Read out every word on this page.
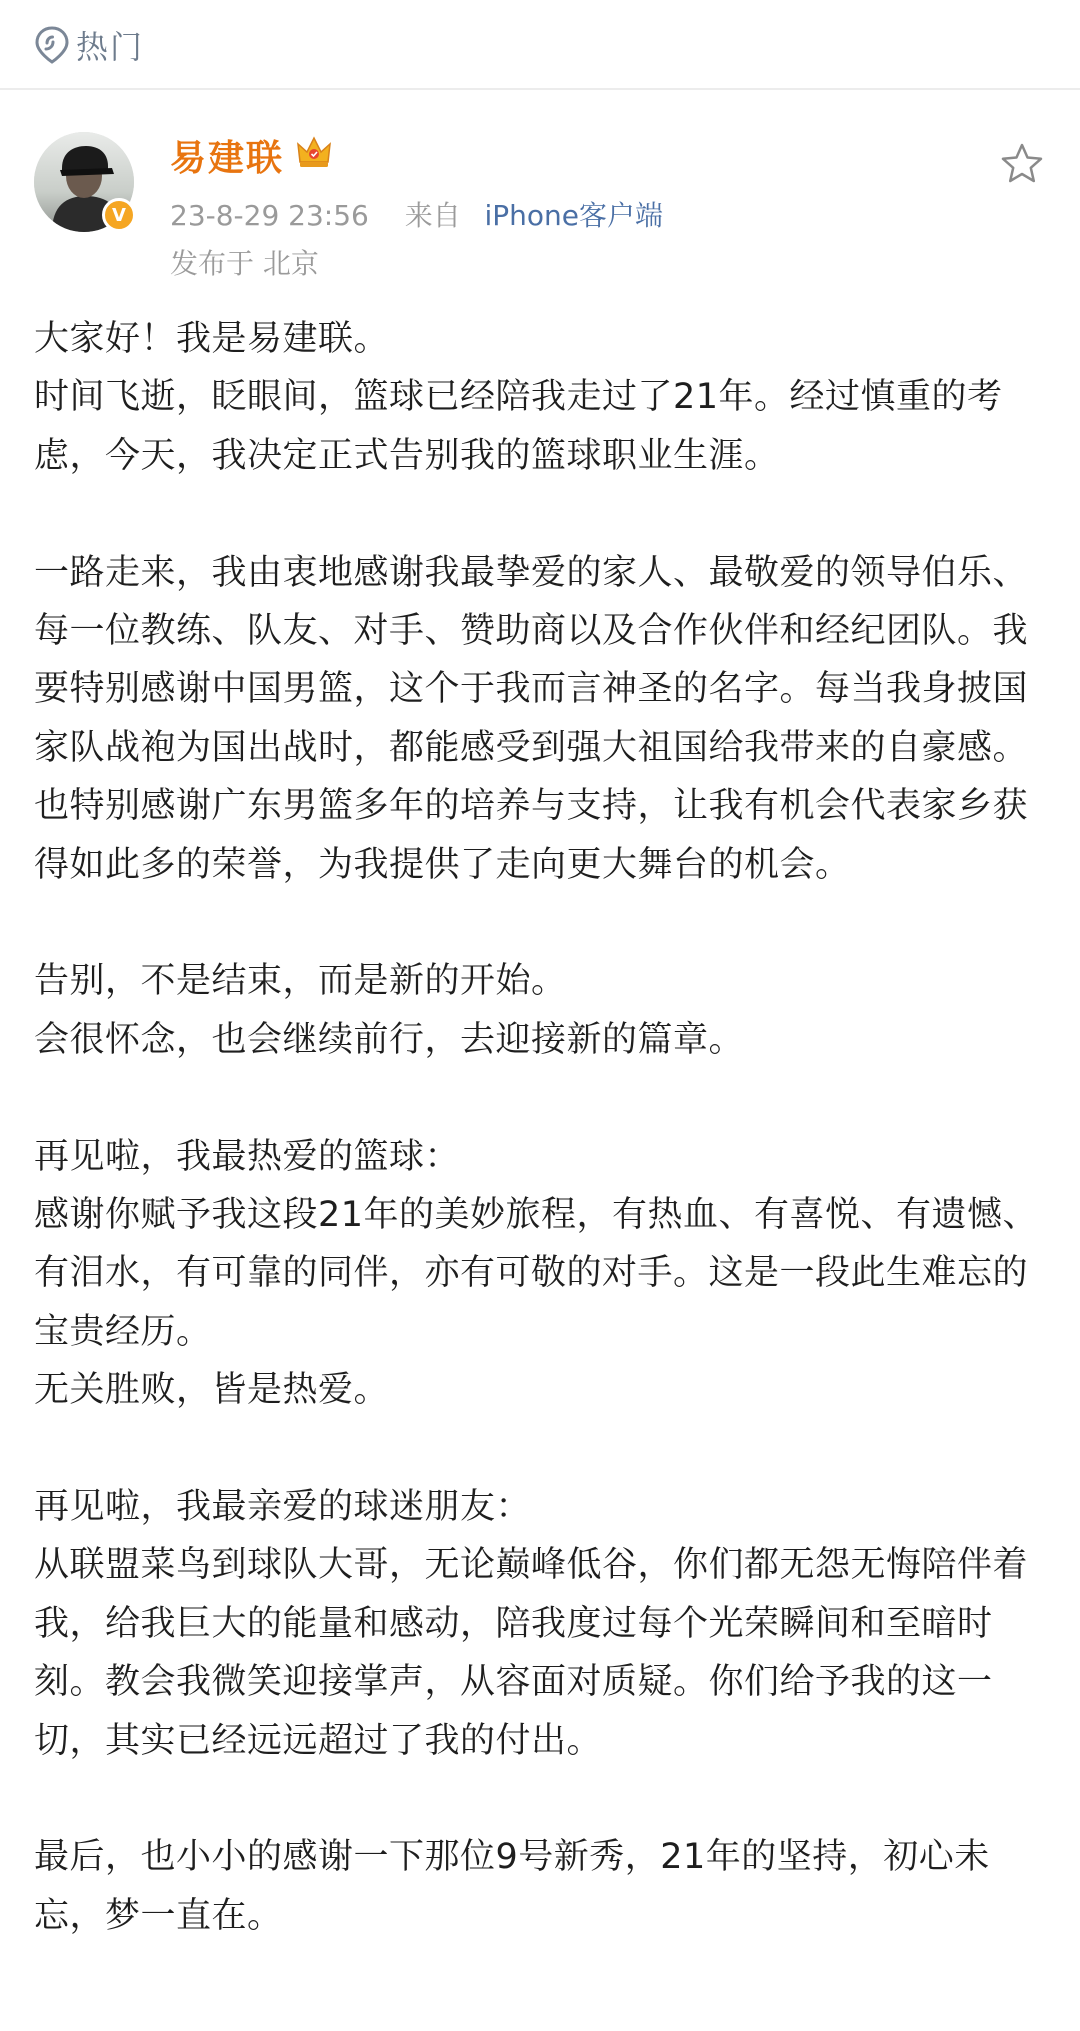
热门
V
易建联
23-8-29 23:56 来自 iPhone客户端
发布于 北京

大家好！我是易建联。

时间飞逝，眨眼间，篮球已经陪我走过了21年。经过慎重的考虑，今天，我决定正式告别我的篮球职业生涯。

一路走来，我由衷地感谢我最挚爱的家人、最敬爱的领导伯乐、每一位教练、队友、对手、赞助商以及合作伙伴和经纪团队。我要特别感谢中国男篮，这个于我而言神圣的名字。每当我身披国家队战袍为国出战时，都能感受到强大祖国给我带来的自豪感。也特别感谢广东男篮多年的培养与支持，让我有机会代表家乡获得如此多的荣誉，为我提供了走向更大舞台的机会。

告别，不是结束，而是新的开始。

会很怀念，也会继续前行，去迎接新的篇章。

再见啦，我最热爱的篮球：

感谢你赋予我这段21年的美妙旅程，有热血、有喜悦、有遗憾、有泪水，有可靠的同伴，亦有可敬的对手。这是一段此生难忘的宝贵经历。

无关胜败，皆是热爱。

再见啦，我最亲爱的球迷朋友：

从联盟菜鸟到球队大哥，无论巅峰低谷，你们都无怨无悔陪伴着我，给我巨大的能量和感动，陪我度过每个光荣瞬间和至暗时刻。教会我微笑迎接掌声，从容面对质疑。你们给予我的这一切，其实已经远远超过了我的付出。

最后，也小小的感谢一下那位9号新秀，21年的坚持，初心未忘，梦一直在。
